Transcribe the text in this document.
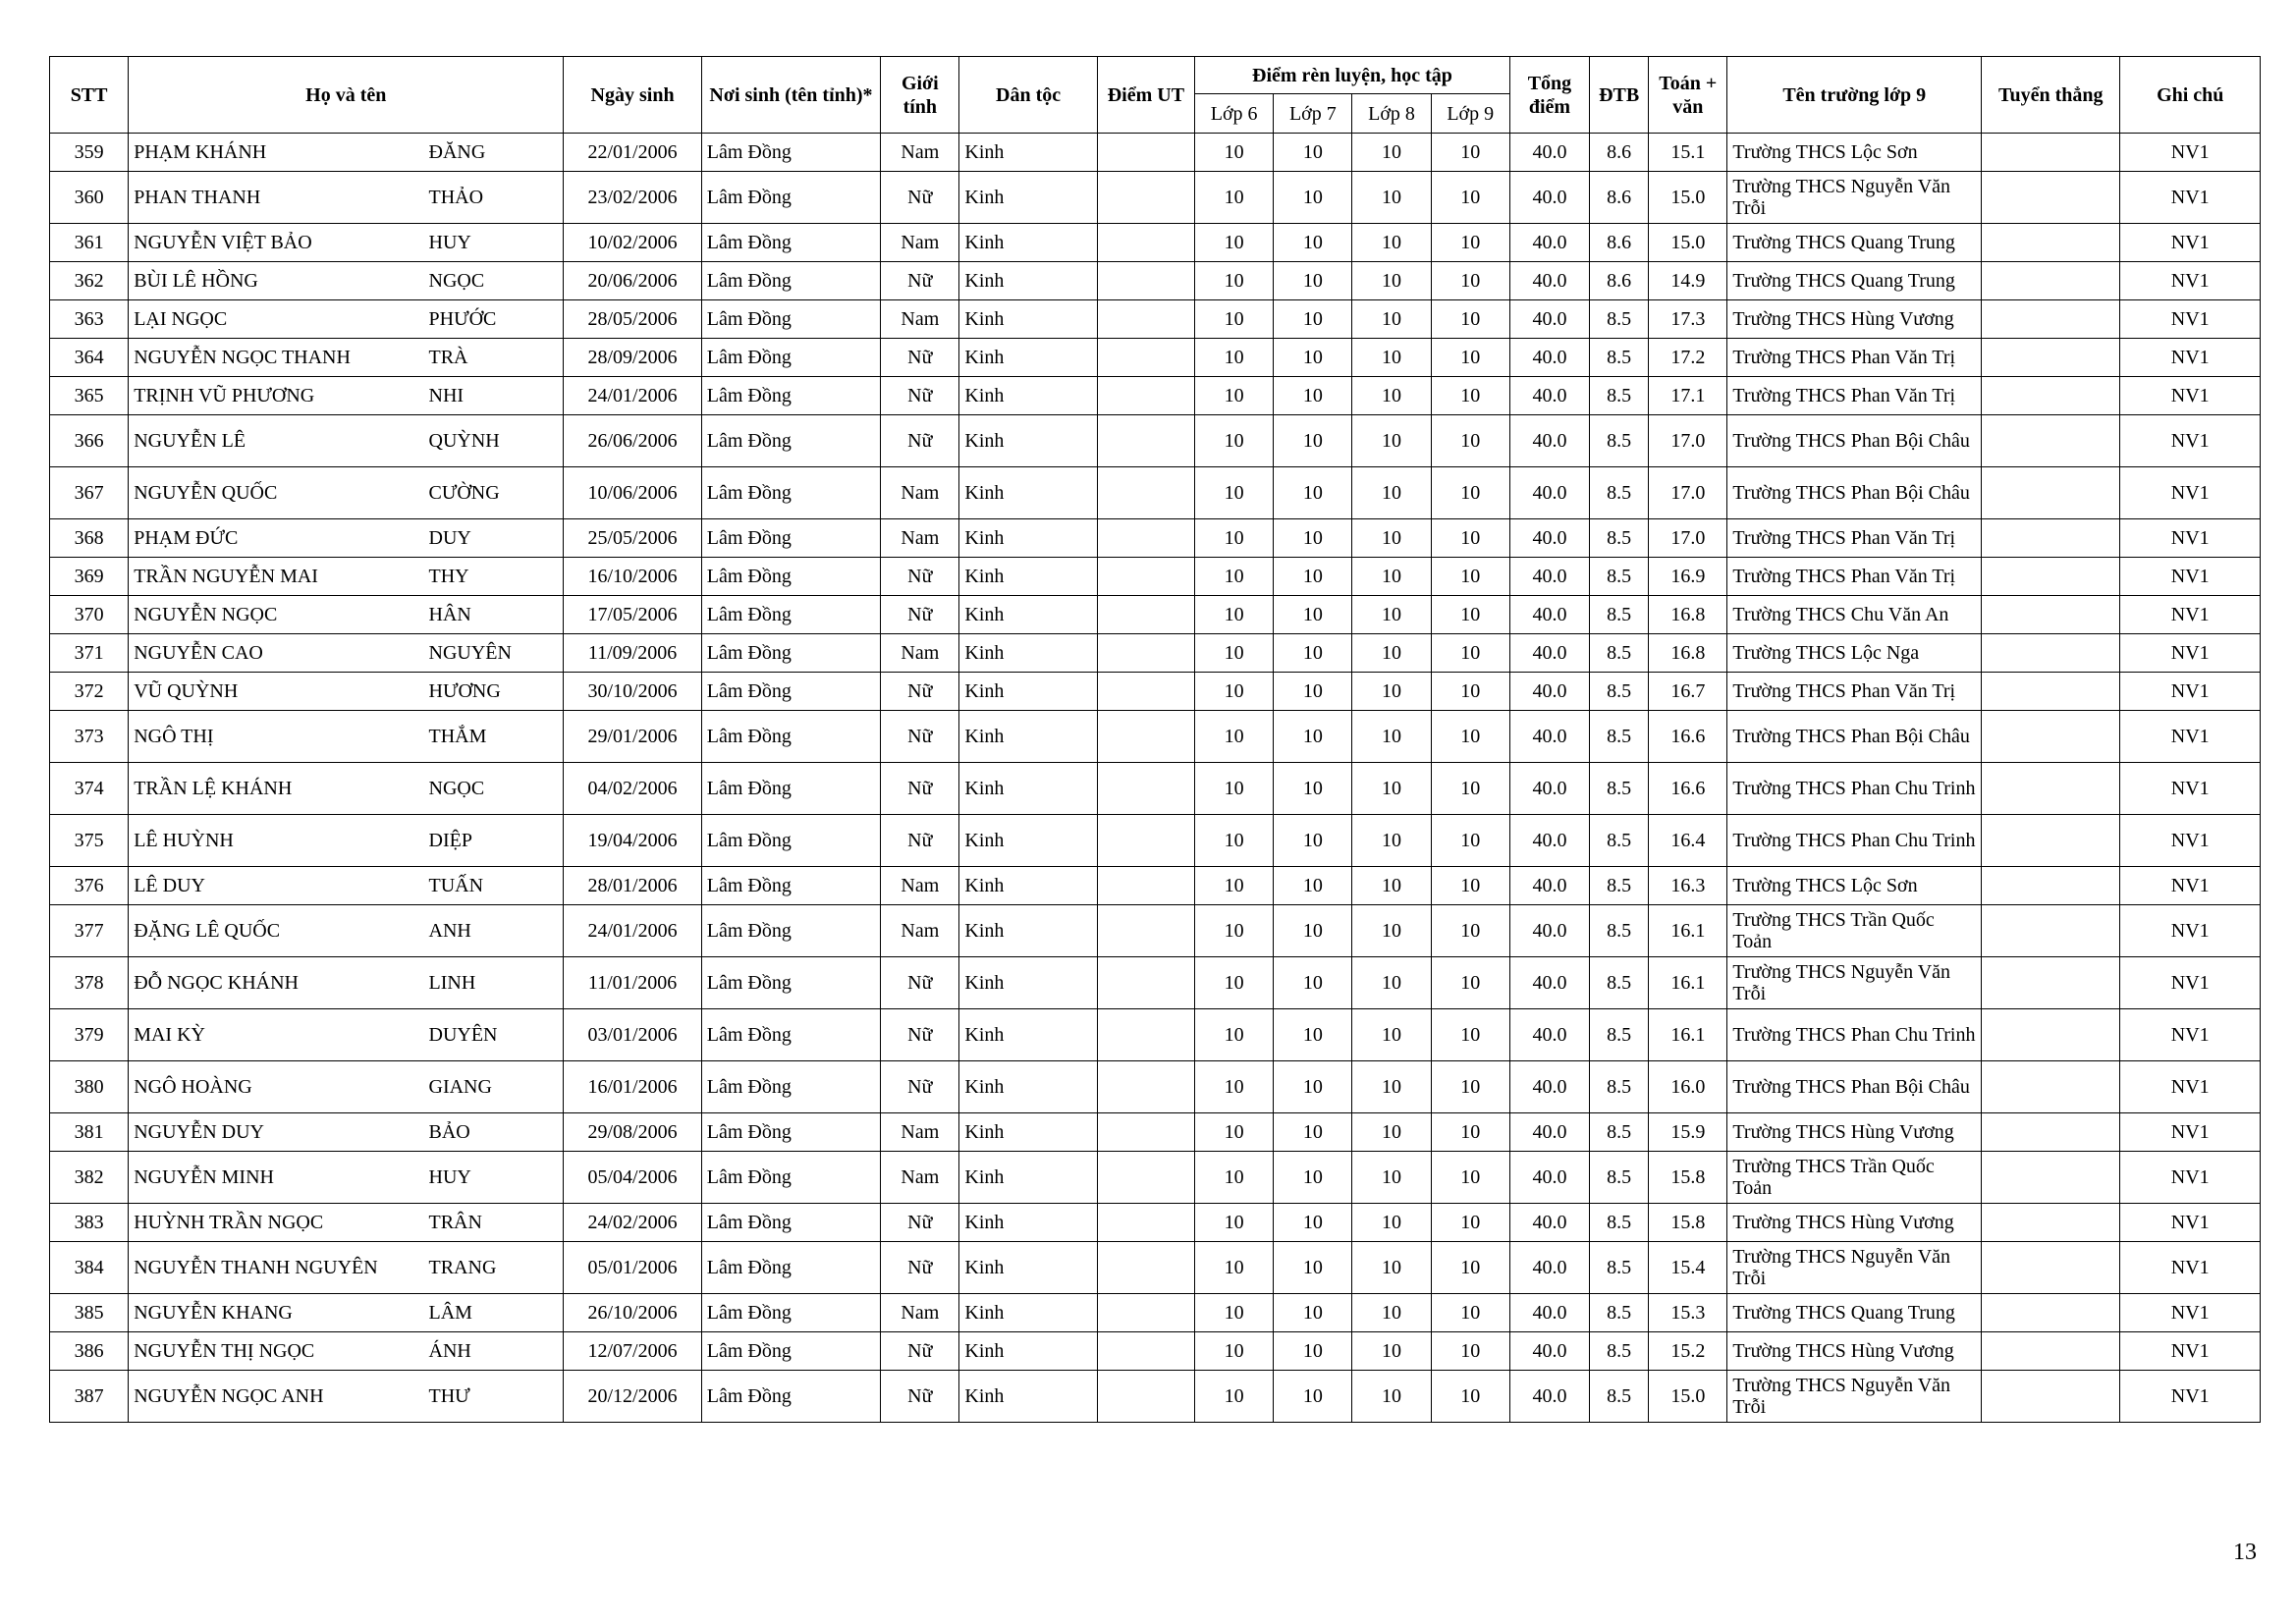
STT	Họ và tên		Ngày sinh	Nơi sinh (tên tỉnh)*	Giới tính	Dân tộc	Điểm UT	Điểm rèn luyện, học tập				Tổng điểm	ĐTB	Toán + văn	Tên trường lớp 9	Tuyển thẳng	Ghi chú
								Lớp 6	Lớp 7	Lớp 8	Lớp 9						
359	PHẠM KHÁNH	ĐĂNG	22/01/2006	Lâm Đồng	Nam	Kinh		10	10	10	10	40.0	8.6	15.1	Trường THCS Lộc Sơn		NV1
360	PHAN THANH	THẢO	23/02/2006	Lâm Đồng	Nữ	Kinh		10	10	10	10	40.0	8.6	15.0	Trường THCS Nguyễn Văn Trỗi		NV1
361	NGUYỄN VIỆT BẢO	HUY	10/02/2006	Lâm Đồng	Nam	Kinh		10	10	10	10	40.0	8.6	15.0	Trường THCS Quang Trung		NV1
362	BÙI LÊ HỒNG	NGỌC	20/06/2006	Lâm Đồng	Nữ	Kinh		10	10	10	10	40.0	8.6	14.9	Trường THCS Quang Trung		NV1
363	LẠI NGỌC	PHƯỚC	28/05/2006	Lâm Đồng	Nam	Kinh		10	10	10	10	40.0	8.5	17.3	Trường THCS Hùng Vương		NV1
364	NGUYỄN NGỌC THANH	TRÀ	28/09/2006	Lâm Đồng	Nữ	Kinh		10	10	10	10	40.0	8.5	17.2	Trường THCS Phan Văn Trị		NV1
365	TRỊNH VŨ PHƯƠNG	NHI	24/01/2006	Lâm Đồng	Nữ	Kinh		10	10	10	10	40.0	8.5	17.1	Trường THCS Phan Văn Trị		NV1
366	NGUYỄN LÊ	QUỲNH	26/06/2006	Lâm Đồng	Nữ	Kinh		10	10	10	10	40.0	8.5	17.0	Trường THCS Phan Bội Châu		NV1
367	NGUYỄN QUỐC	CƯỜNG	10/06/2006	Lâm Đồng	Nam	Kinh		10	10	10	10	40.0	8.5	17.0	Trường THCS Phan Bội Châu		NV1
368	PHẠM ĐỨC	DUY	25/05/2006	Lâm Đồng	Nam	Kinh		10	10	10	10	40.0	8.5	17.0	Trường THCS Phan Văn Trị		NV1
369	TRẦN NGUYỄN MAI	THY	16/10/2006	Lâm Đồng	Nữ	Kinh		10	10	10	10	40.0	8.5	16.9	Trường THCS Phan Văn Trị		NV1
370	NGUYỄN NGỌC	HÂN	17/05/2006	Lâm Đồng	Nữ	Kinh		10	10	10	10	40.0	8.5	16.8	Trường THCS Chu Văn An		NV1
371	NGUYỄN CAO	NGUYÊN	11/09/2006	Lâm Đồng	Nam	Kinh		10	10	10	10	40.0	8.5	16.8	Trường THCS Lộc Nga		NV1
372	VŨ QUỲNH	HƯƠNG	30/10/2006	Lâm Đồng	Nữ	Kinh		10	10	10	10	40.0	8.5	16.7	Trường THCS Phan Văn Trị		NV1
373	NGÔ THỊ	THẮM	29/01/2006	Lâm Đồng	Nữ	Kinh		10	10	10	10	40.0	8.5	16.6	Trường THCS Phan Bội Châu		NV1
374	TRẦN LỆ KHÁNH	NGỌC	04/02/2006	Lâm Đồng	Nữ	Kinh		10	10	10	10	40.0	8.5	16.6	Trường THCS Phan Chu Trinh		NV1
375	LÊ HUỲNH	DIỆP	19/04/2006	Lâm Đồng	Nữ	Kinh		10	10	10	10	40.0	8.5	16.4	Trường THCS Phan Chu Trinh		NV1
376	LÊ DUY	TUẤN	28/01/2006	Lâm Đồng	Nam	Kinh		10	10	10	10	40.0	8.5	16.3	Trường THCS Lộc Sơn		NV1
377	ĐẶNG LÊ QUỐC	ANH	24/01/2006	Lâm Đồng	Nam	Kinh		10	10	10	10	40.0	8.5	16.1	Trường THCS Trần Quốc Toản		NV1
378	ĐỖ NGỌC KHÁNH	LINH	11/01/2006	Lâm Đồng	Nữ	Kinh		10	10	10	10	40.0	8.5	16.1	Trường THCS Nguyễn Văn Trỗi		NV1
379	MAI KỲ	DUYÊN	03/01/2006	Lâm Đồng	Nữ	Kinh		10	10	10	10	40.0	8.5	16.1	Trường THCS Phan Chu Trinh		NV1
380	NGÔ HOÀNG	GIANG	16/01/2006	Lâm Đồng	Nữ	Kinh		10	10	10	10	40.0	8.5	16.0	Trường THCS Phan Bội Châu		NV1
381	NGUYỄN DUY	BẢO	29/08/2006	Lâm Đồng	Nam	Kinh		10	10	10	10	40.0	8.5	15.9	Trường THCS Hùng Vương		NV1
382	NGUYỄN MINH	HUY	05/04/2006	Lâm Đồng	Nam	Kinh		10	10	10	10	40.0	8.5	15.8	Trường THCS Trần Quốc Toản		NV1
383	HUỲNH TRẦN NGỌC	TRÂN	24/02/2006	Lâm Đồng	Nữ	Kinh		10	10	10	10	40.0	8.5	15.8	Trường THCS Hùng Vương		NV1
384	NGUYỄN THANH NGUYÊN	TRANG	05/01/2006	Lâm Đồng	Nữ	Kinh		10	10	10	10	40.0	8.5	15.4	Trường THCS Nguyễn Văn Trỗi		NV1
385	NGUYỄN KHANG	LÂM	26/10/2006	Lâm Đồng	Nam	Kinh		10	10	10	10	40.0	8.5	15.3	Trường THCS Quang Trung		NV1
386	NGUYỄN THỊ NGỌC	ÁNH	12/07/2006	Lâm Đồng	Nữ	Kinh		10	10	10	10	40.0	8.5	15.2	Trường THCS Hùng Vương		NV1
387	NGUYỄN NGỌC ANH	THƯ	20/12/2006	Lâm Đồng	Nữ	Kinh		10	10	10	10	40.0	8.5	15.0	Trường THCS Nguyễn Văn Trỗi		NV1
13
